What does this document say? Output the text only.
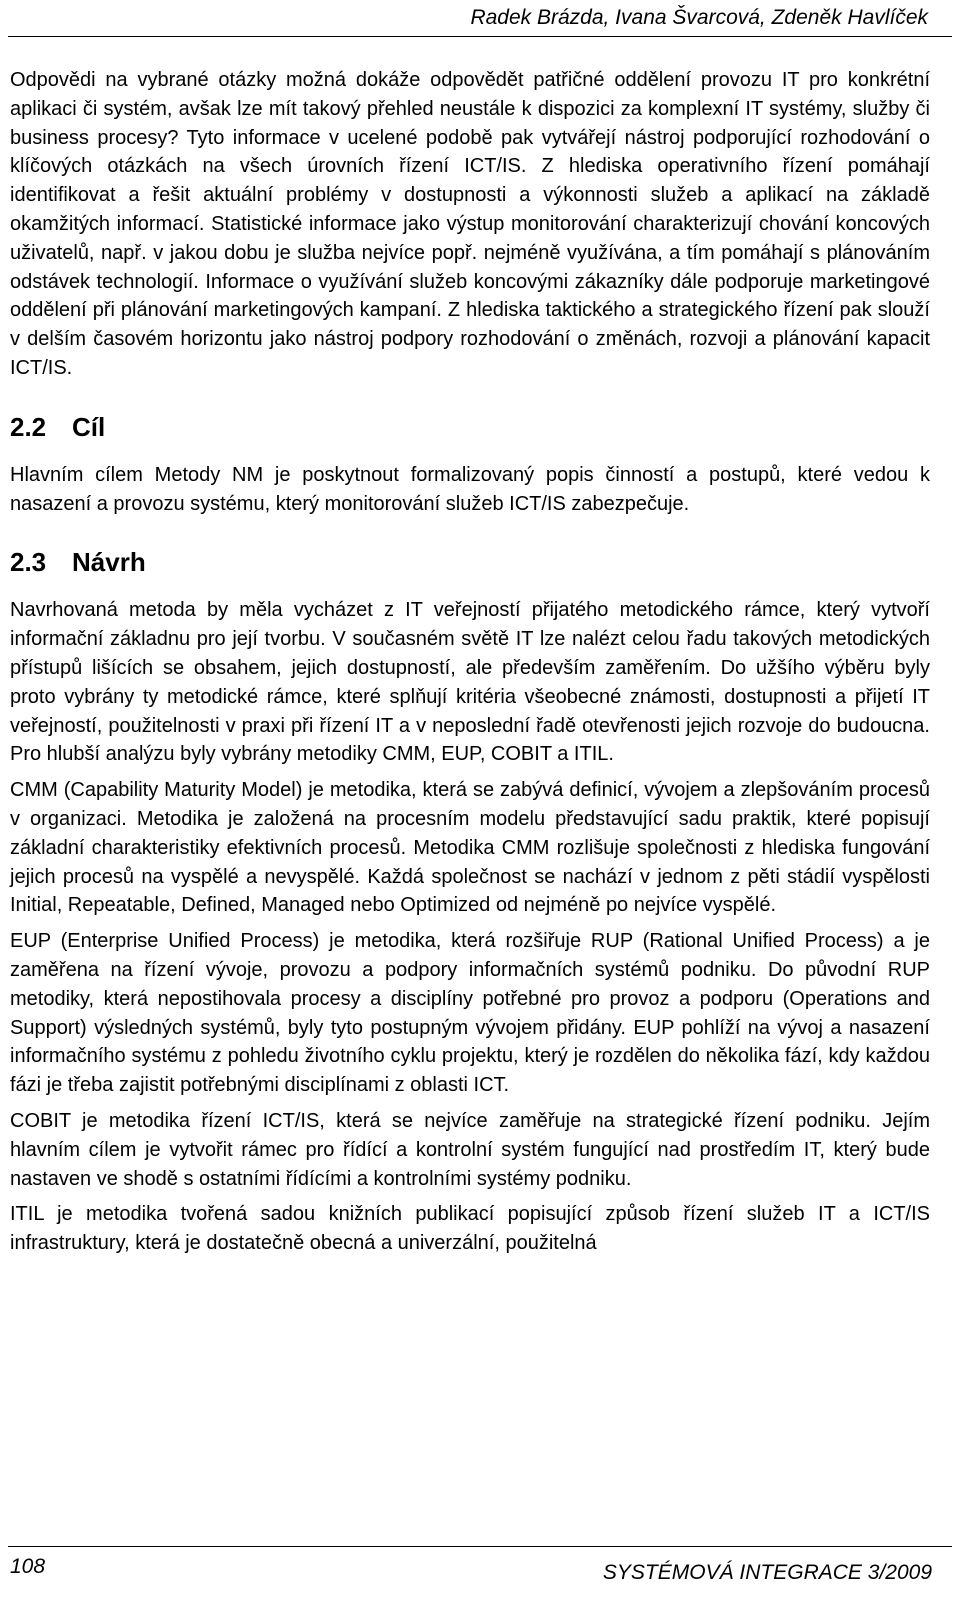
Radek Brázda, Ivana Švarcová, Zdeněk Havlíček

Odpovědi na vybrané otázky možná dokáže odpovědět patřičné oddělení provozu IT pro konkrétní aplikaci či systém, avšak lze mít takový přehled neustále k dispozici za komplexní IT systémy, služby či business procesy? Tyto informace v ucelené podobě pak vytvářejí nástroj podporující rozhodování o klíčových otázkách na všech úrovních řízení ICT/IS. Z hlediska operativního řízení pomáhají identifikovat a řešit aktuální problémy v dostupnosti a výkonnosti služeb a aplikací na základě okamžitých informací. Statistické informace jako výstup monitorování charakterizují chování koncových uživatelů, např. v jakou dobu je služba nejvíce popř. nejméně využívána, a tím pomáhají s plánováním odstávek technologií. Informace o využívání služeb koncovými zákazníky dále podporuje marketingové oddělení při plánování marketingových kampaní. Z hlediska taktického a strategického řízení pak slouží v delším časovém horizontu jako nástroj podpory rozhodování o změnách, rozvoji a plánování kapacit ICT/IS.

2.2 Cíl

Hlavním cílem Metody NM je poskytnout formalizovaný popis činností a postupů, které vedou k nasazení a provozu systému, který monitorování služeb ICT/IS zabezpečuje.

2.3 Návrh

Navrhovaná metoda by měla vycházet z IT veřejností přijatého metodického rámce, který vytvoří informační základnu pro její tvorbu. V současném světě IT lze nalézt celou řadu takových metodických přístupů lišících se obsahem, jejich dostupností, ale především zaměřením. Do užšího výběru byly proto vybrány ty metodické rámce, které splňují kritéria všeobecné známosti, dostupnosti a přijetí IT veřejností, použitelnosti v praxi při řízení IT a v neposlední řadě otevřenosti jejich rozvoje do budoucna. Pro hlubší analýzu byly vybrány metodiky CMM, EUP, COBIT a ITIL.

CMM (Capability Maturity Model) je metodika, která se zabývá definicí, vývojem a zlepšováním procesů v organizaci. Metodika je založená na procesním modelu představující sadu praktik, které popisují základní charakteristiky efektivních procesů. Metodika CMM rozlišuje společnosti z hlediska fungování jejich procesů na vyspělé a nevyspělé. Každá společnost se nachází v jednom z pěti stádií vyspělosti Initial, Repeatable, Defined, Managed nebo Optimized od nejméně po nejvíce vyspělé.

EUP (Enterprise Unified Process) je metodika, která rozšiřuje RUP (Rational Unified Process) a je zaměřena na řízení vývoje, provozu a podpory informačních systémů podniku. Do původní RUP metodiky, která nepostihovala procesy a disciplíny potřebné pro provoz a podporu (Operations and Support) výsledných systémů, byly tyto postupným vývojem přidány. EUP pohlíží na vývoj a nasazení informačního systému z pohledu životního cyklu projektu, který je rozdělen do několika fází, kdy každou fázi je třeba zajistit potřebnými disciplínami z oblasti ICT.

COBIT je metodika řízení ICT/IS, která se nejvíce zaměřuje na strategické řízení podniku. Jejím hlavním cílem je vytvořit rámec pro řídící a kontrolní systém fungující nad prostředím IT, který bude nastaven ve shodě s ostatními řídícími a kontrolními systémy podniku.

ITIL je metodika tvořená sadou knižních publikací popisující způsob řízení služeb IT a ICT/IS infrastruktury, která je dostatečně obecná a univerzální, použitelná

108	SYSTÉMOVÁ INTEGRACE 3/2009
